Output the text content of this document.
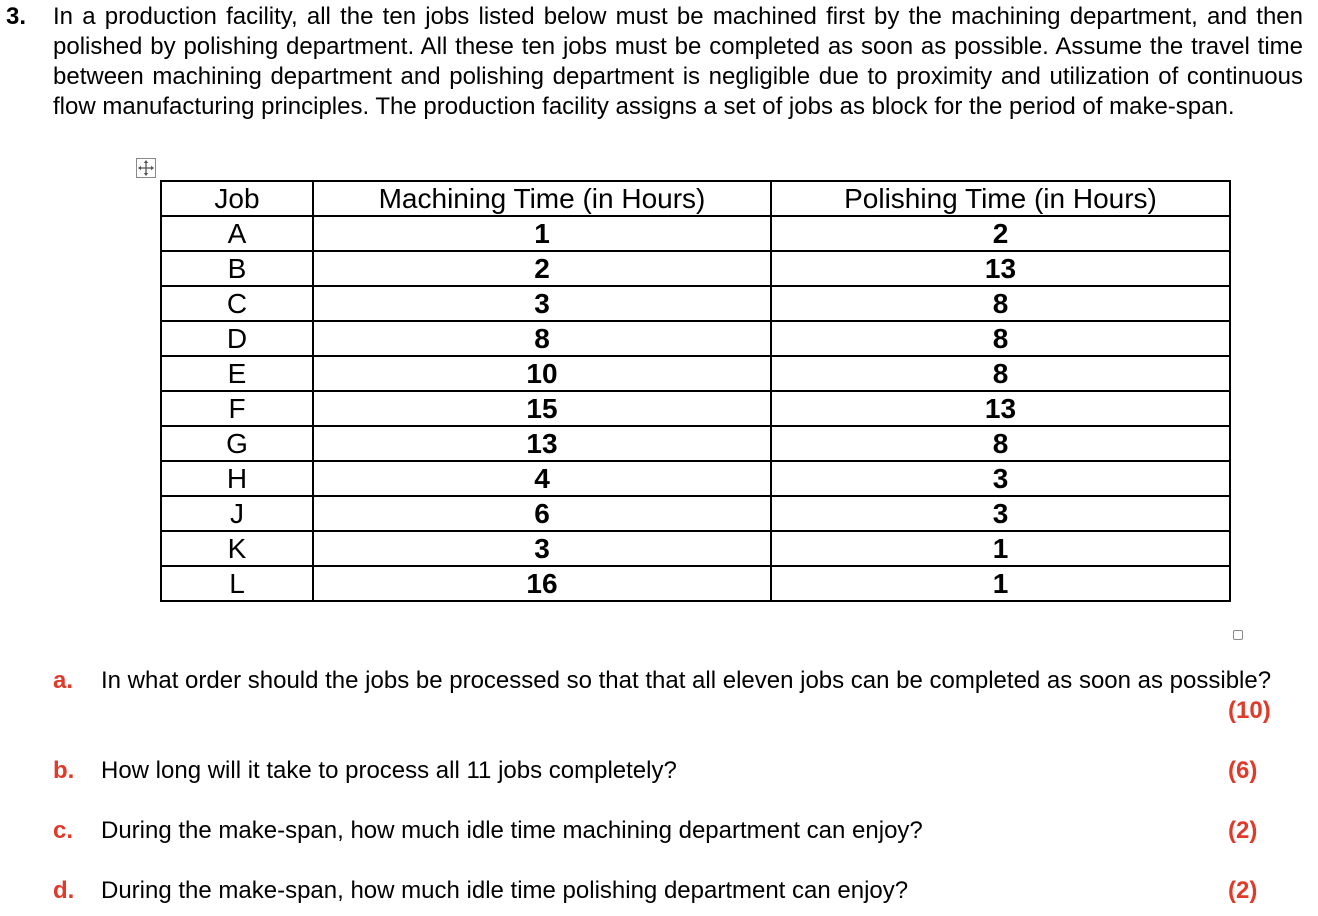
3. In a production facility, all the ten jobs listed below must be machined first by the machining department, and then polished by polishing department. All these ten jobs must be completed as soon as possible. Assume the travel time between machining department and polishing department is negligible due to proximity and utilization of continuous flow manufacturing principles. The production facility assigns a set of jobs as block for the period of make-span.
Job	Machining Time (in Hours)	Polishing Time (in Hours)
A	1	2
B	2	13
C	3	8
D	8	8
E	10	8
F	15	13
G	13	8
H	4	3
J	6	3
K	3	1
L	16	1
a. In what order should the jobs be processed so that that all eleven jobs can be completed as soon as possible?
(10)
b. How long will it take to process all 11 jobs completely?	(6)
c. During the make-span, how much idle time machining department can enjoy?	(2)
d. During the make-span, how much idle time polishing department can enjoy?	(2)
